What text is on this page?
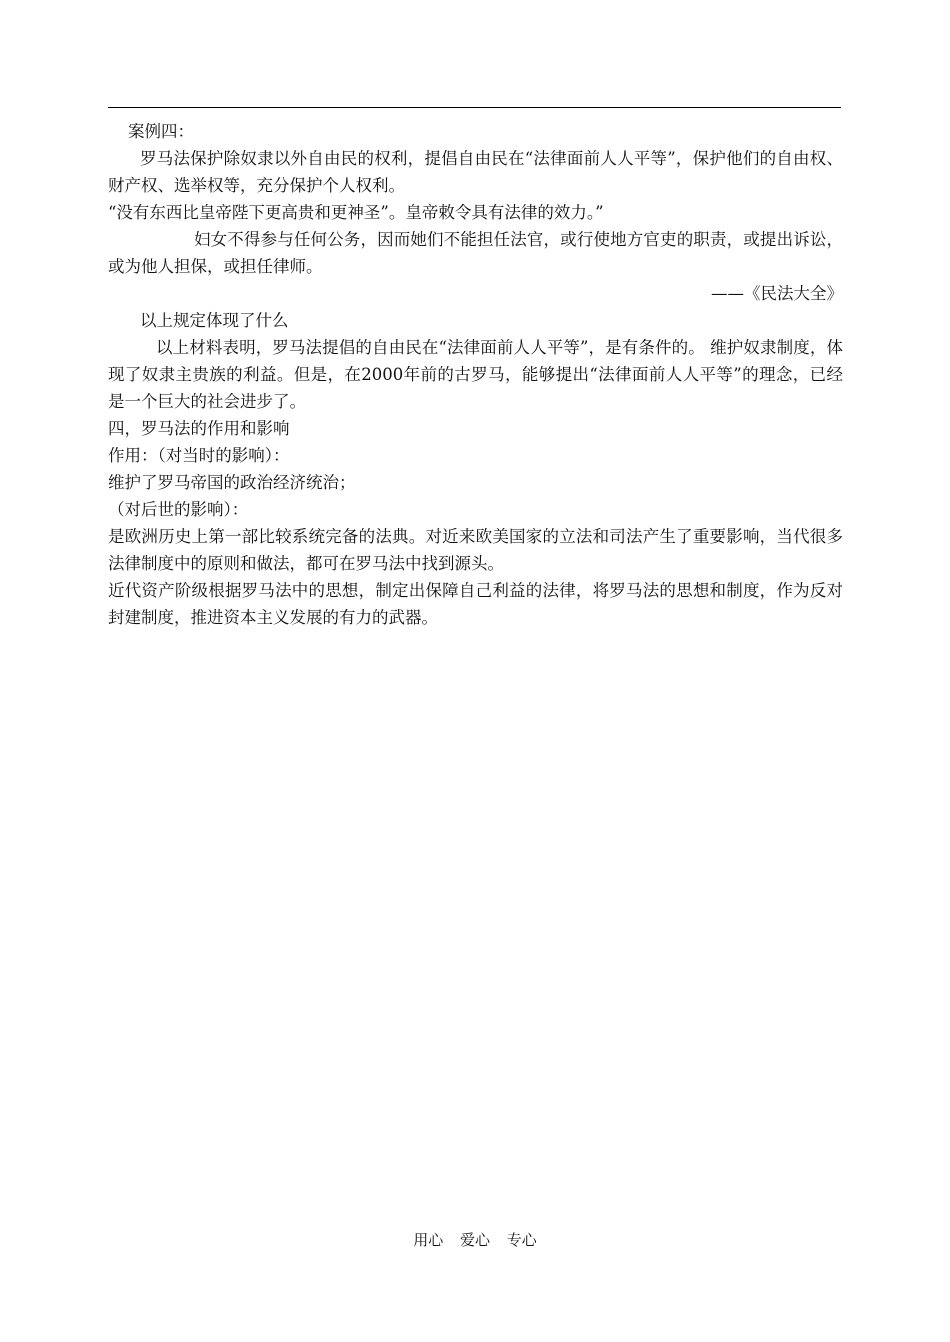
案例四：

罗马法保护除奴隶以外自由民的权利，提倡自由民在“法律面前人人平等”，保护他们的自由权、财产权、选举权等，充分保护个人权利。

“没有东西比皇帝陛下更高贵和更神圣”。皇帝敕令具有法律的效力。”

妇女不得参与任何公务，因而她们不能担任法官，或行使地方官吏的职责，或提出诉讼，或为他人担保，或担任律师。

——《民法大全》

以上规定体现了什么

以上材料表明，罗马法提倡的自由民在“法律面前人人平等”，是有条件的。 维护奴隶制度，体现了奴隶主贵族的利益。但是，在2000年前的古罗马，能够提出“法律面前人人平等”的理念，已经是一个巨大的社会进步了。

四，罗马法的作用和影响

作用：（对当时的影响）：

维护了罗马帝国的政治经济统治；

（对后世的影响）：

是欧洲历史上第一部比较系统完备的法典。对近来欧美国家的立法和司法产生了重要影响，当代很多法律制度中的原则和做法，都可在罗马法中找到源头。

近代资产阶级根据罗马法中的思想，制定出保障自己利益的法律，将罗马法的思想和制度，作为反对封建制度，推进资本主义发展的有力的武器。

用心 爱心 专心
